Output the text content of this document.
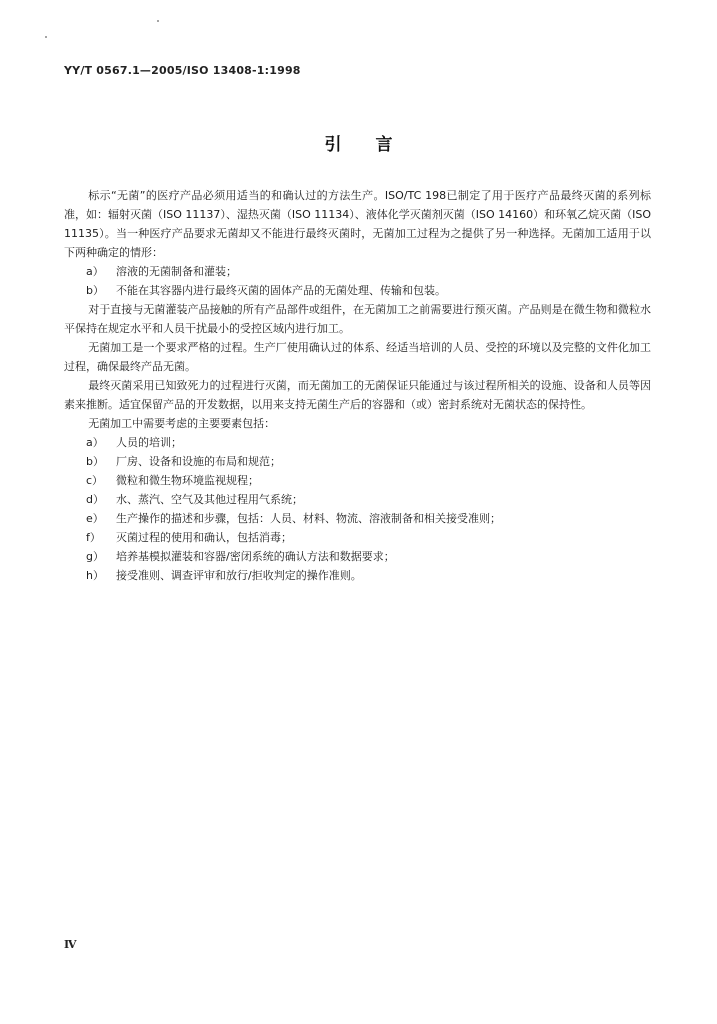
YY/T 0567.1—2005/ISO 13408-1:1998
引言

标示“无菌”的医疗产品必须用适当的和确认过的方法生产。ISO/TC 198已制定了用于医疗产品最终灭菌的系列标准，如：辐射灭菌（ISO 11137）、湿热灭菌（ISO 11134）、液体化学灭菌剂灭菌（ISO 14160）和环氧乙烷灭菌（ISO 11135）。当一种医疗产品要求无菌却又不能进行最终灭菌时，无菌加工过程为之提供了另一种选择。无菌加工适用于以下两种确定的情形：

a） 溶液的无菌制备和灌装；

b） 不能在其容器内进行最终灭菌的固体产品的无菌处理、传输和包装。

对于直接与无菌灌装产品接触的所有产品部件或组件，在无菌加工之前需要进行预灭菌。产品则是在微生物和微粒水平保持在规定水平和人员干扰最小的受控区域内进行加工。

无菌加工是一个要求严格的过程。生产厂使用确认过的体系、经适当培训的人员、受控的环境以及完整的文件化加工过程，确保最终产品无菌。

最终灭菌采用已知致死力的过程进行灭菌，而无菌加工的无菌保证只能通过与该过程所相关的设施、设备和人员等因素来推断。适宜保留产品的开发数据，以用来支持无菌生产后的容器和（或）密封系统对无菌状态的保持性。

无菌加工中需要考虑的主要要素包括：

a） 人员的培训；

b） 厂房、设备和设施的布局和规范；

c） 微粒和微生物环境监视规程；

d） 水、蒸汽、空气及其他过程用气系统；

e） 生产操作的描述和步骤，包括：人员、材料、物流、溶液制备和相关接受准则；

f） 灭菌过程的使用和确认，包括消毒；

g） 培养基模拟灌装和容器/密闭系统的确认方法和数据要求；

h） 接受准则、调查评审和放行/拒收判定的操作准则。

Ⅳ
